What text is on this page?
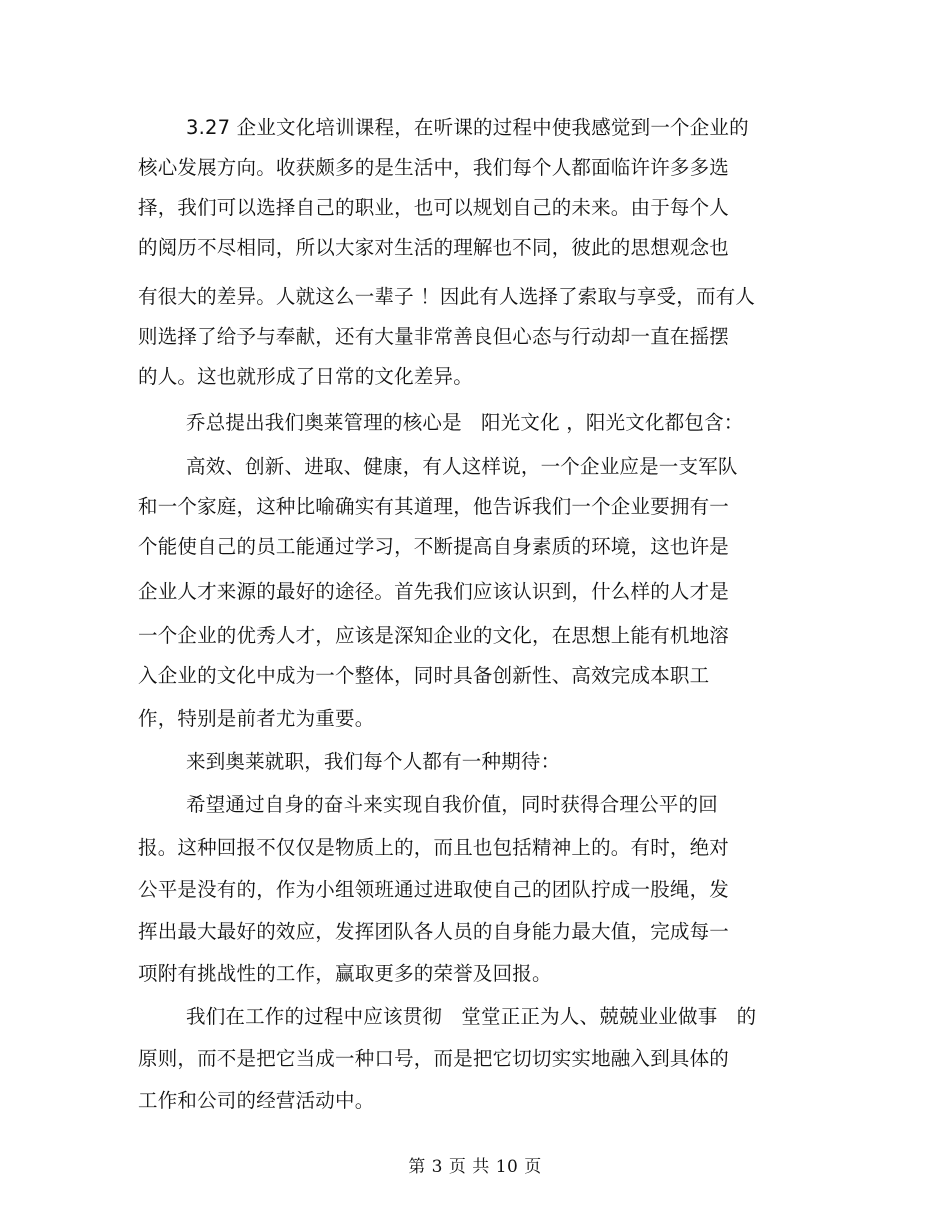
3.27 企业文化培训课程，在听课的过程中使我感觉到一个企业的
核心发展方向。收获颇多的是生活中，我们每个人都面临许许多多选
择，我们可以选择自己的职业，也可以规划自己的未来。由于每个人
的阅历不尽相同，所以大家对生活的理解也不同，彼此的思想观念也
有很大的差异。人就这么一辈子 ！因此有人选择了索取与享受，而有人
则选择了给予与奉献，还有大量非常善良但心态与行动却一直在摇摆
的人。这也就形成了日常的文化差异。
乔总提出我们奥莱管理的核心是   阳光文化 ，阳光文化都包含：
高效、创新、进取、健康，有人这样说，一个企业应是一支军队
和一个家庭，这种比喻确实有其道理，他告诉我们一个企业要拥有一
个能使自己的员工能通过学习，不断提高自身素质的环境，这也许是
企业人才来源的最好的途径。首先我们应该认识到，什么样的人才是
一个企业的优秀人才，应该是深知企业的文化，在思想上能有机地溶
入企业的文化中成为一个整体，同时具备创新性、高效完成本职工
作，特别是前者尤为重要。
来到奥莱就职，我们每个人都有一种期待：
希望通过自身的奋斗来实现自我价值，同时获得合理公平的回
报。这种回报不仅仅是物质上的，而且也包括精神上的。有时，绝对
公平是没有的，作为小组领班通过进取使自己的团队拧成一股绳，发
挥出最大最好的效应，发挥团队各人员的自身能力最大值，完成每一
项附有挑战性的工作，赢取更多的荣誉及回报。
我们在工作的过程中应该贯彻   堂堂正正为人、兢兢业业做事   的
原则，而不是把它当成一种口号，而是把它切切实实地融入到具体的
工作和公司的经营活动中。
第 3 页 共 10 页
